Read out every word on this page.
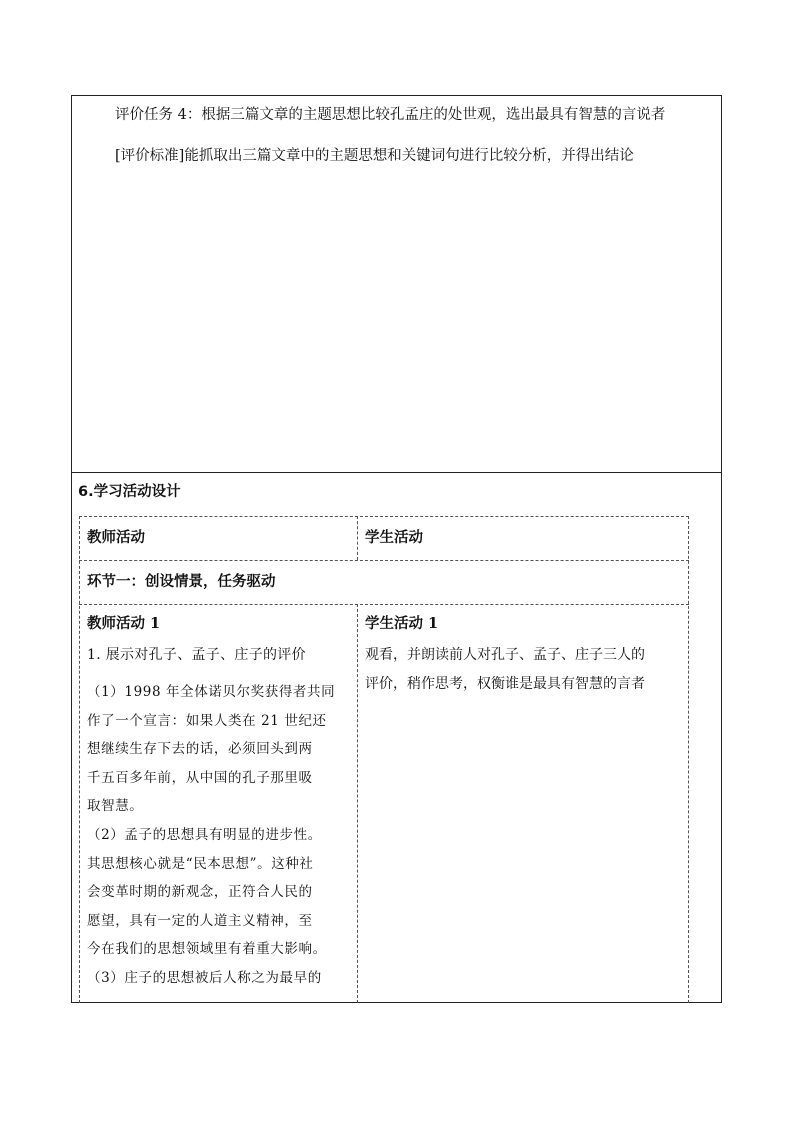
评价任务 4：根据三篇文章的主题思想比较孔孟庄的处世观，选出最具有智慧的言说者
[评价标准]能抓取出三篇文章中的主题思想和关键词句进行比较分析，并得出结论
6.学习活动设计
教师活动	学生活动
环节一：创设情景，任务驱动
教师活动 1
1. 展示对孔子、孟子、庄子的评价
（1）1998 年全体诺贝尔奖获得者共同
作了一个宣言：如果人类在 21 世纪还
想继续生存下去的话，必须回头到两
千五百多年前，从中国的孔子那里吸
取智慧。
（2）孟子的思想具有明显的进步性。
其思想核心就是“民本思想”。这种社
会变革时期的新观念，正符合人民的
愿望，具有一定的人道主义精神，至
今在我们的思想领域里有着重大影响。
（3）庄子的思想被后人称之为最早的
学生活动 1
观看，并朗读前人对孔子、孟子、庄子三人的
评价，稍作思考，权衡谁是最具有智慧的言者
